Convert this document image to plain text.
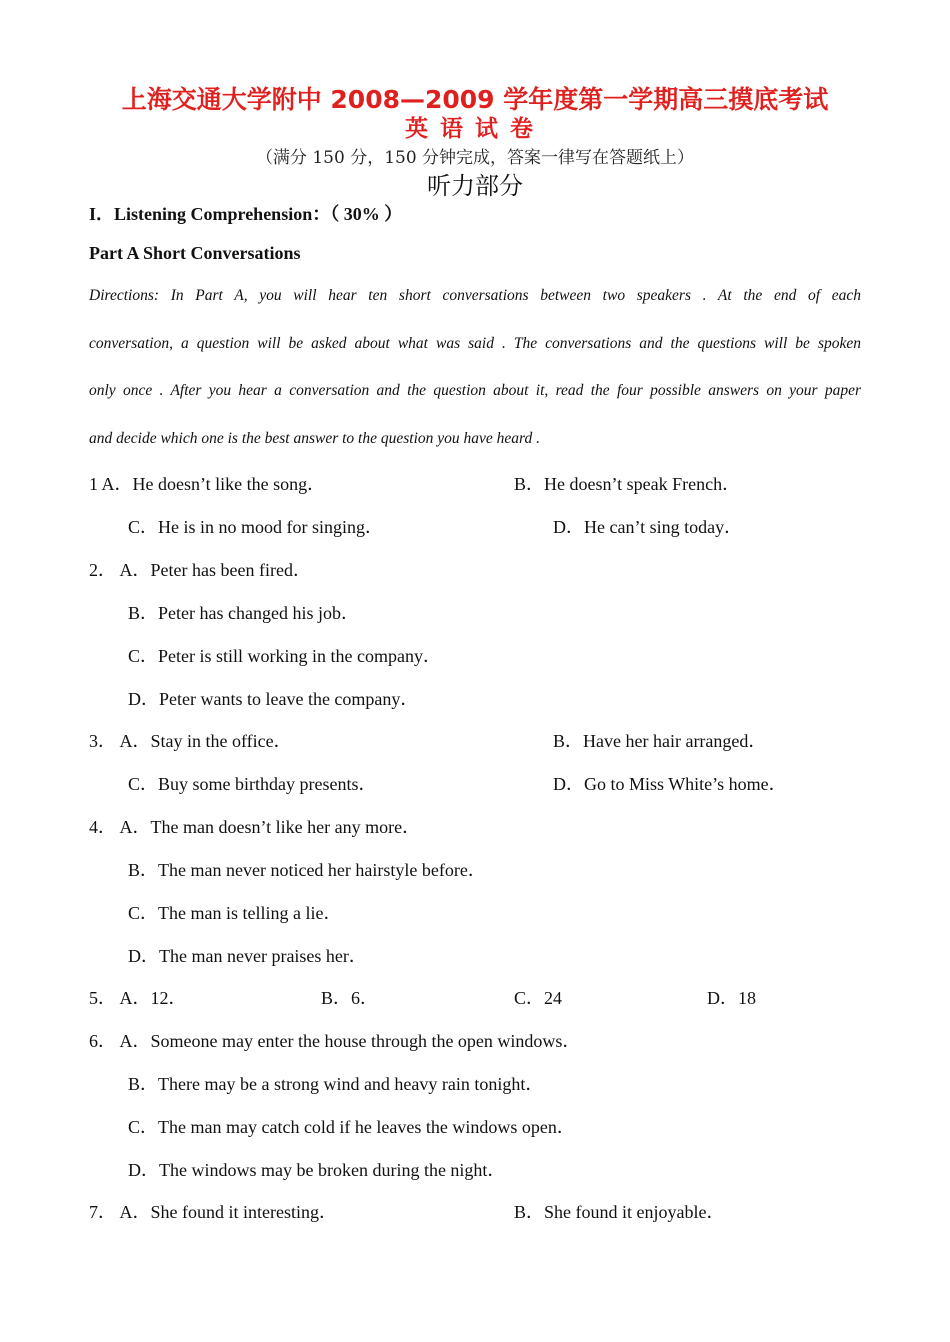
上海交通大学附中 2008—2009 学年度第一学期高三摸底考试
英语试卷
（满分 150 分，150 分钟完成，答案一律写在答题纸上）
听力部分
I．Listening Comprehension：（ 30% ）
Part A Short Conversations
Directions: In Part A, you will hear ten short conversations between two speakers . At the end of each
conversation, a question will be asked about what was said . The conversations and the questions will be spoken
only once . After you hear a conversation and the question about it, read the four possible answers on your paper
and decide which one is the best answer to the question you have heard .
1 A．He doesn’t like the song．	B．He doesn’t speak French．
C．He is in no mood for singing．	D．He can’t sing today．
2． A．Peter has been fired．
B．Peter has changed his job．
C．Peter is still working in the company．
D．Peter wants to leave the company．
3． A．Stay in the office．	B．Have her hair arranged．
C．Buy some birthday presents．	D．Go to Miss White’s home．
4． A．The man doesn’t like her any more．
B．The man never noticed her hairstyle before．
C．The man is telling a lie．
D．The man never praises her．
5． A．12．	B．6．	C．24	D．18
6． A．Someone may enter the house through the open windows．
B．There may be a strong wind and heavy rain tonight．
C．The man may catch cold if he leaves the windows open．
D．The windows may be broken during the night．
7． A．She found it interesting．	B．She found it enjoyable．
